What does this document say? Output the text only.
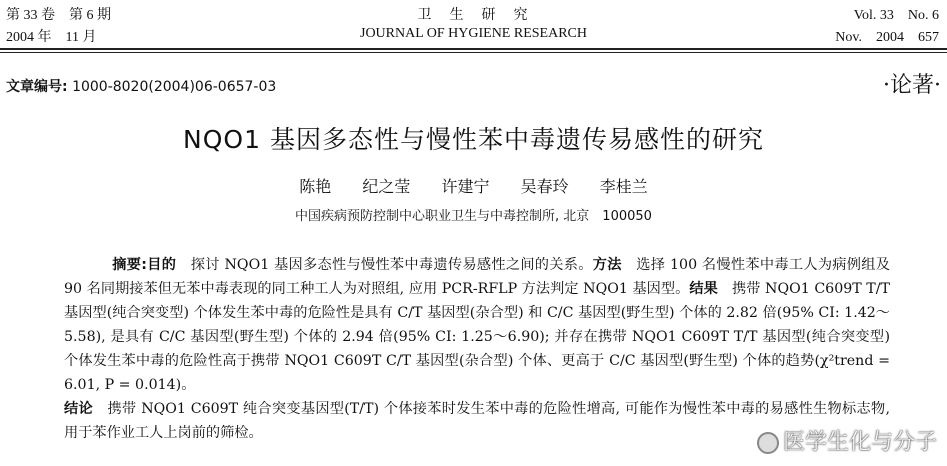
第 33 卷　第 6 期
2004 年　11 月
卫　生　研　究
JOURNAL OF HYGIENE RESEARCH
Vol. 33　No. 6
Nov.　2004　657
文章编号: 1000-8020(2004)06-0657-03	·论著·
NQO1 基因多态性与慢性苯中毒遗传易感性的研究
陈艳 纪之莹 许建宁 吴春玲 李桂兰
中国疾病预防控制中心职业卫生与中毒控制所, 北京　100050
摘要:目的　 探讨 NQO1 基因多态性与慢性苯中毒遗传易感性之间的关系。方法　 选择 100 名慢性苯中毒工人为病例组及 90 名同期接苯但无苯中毒表现的同工种工人为对照组, 应用 PCR-RFLP 方法判定 NQO1 基因型。结果　 携带 NQO1 C609T T/T 基因型(纯合突变型) 个体发生苯中毒的危险性是具有 C/T 基因型(杂合型) 和 C/C 基因型(野生型) 个体的 2.82 倍(95% CI: 1.42～5.58), 是具有 C/C 基因型(野生型) 个体的 2.94 倍(95% CI: 1.25～6.90); 并存在携带 NQO1 C609T T/T 基因型(纯合突变型) 个体发生苯中毒的危险性高于携带 NQO1 C609T C/T 基因型(杂合型) 个体、更高于 C/C 基因型(野生型) 个体的趋势(χ²trend = 6.01, P = 0.014)。
结论　 携带 NQO1 C609T 纯合突变基因型(T/T) 个体接苯时发生苯中毒的危险性增高, 可能作为慢性苯中毒的易感性生物标志物, 用于苯作业工人上岗前的筛检。	医学生化与分子
